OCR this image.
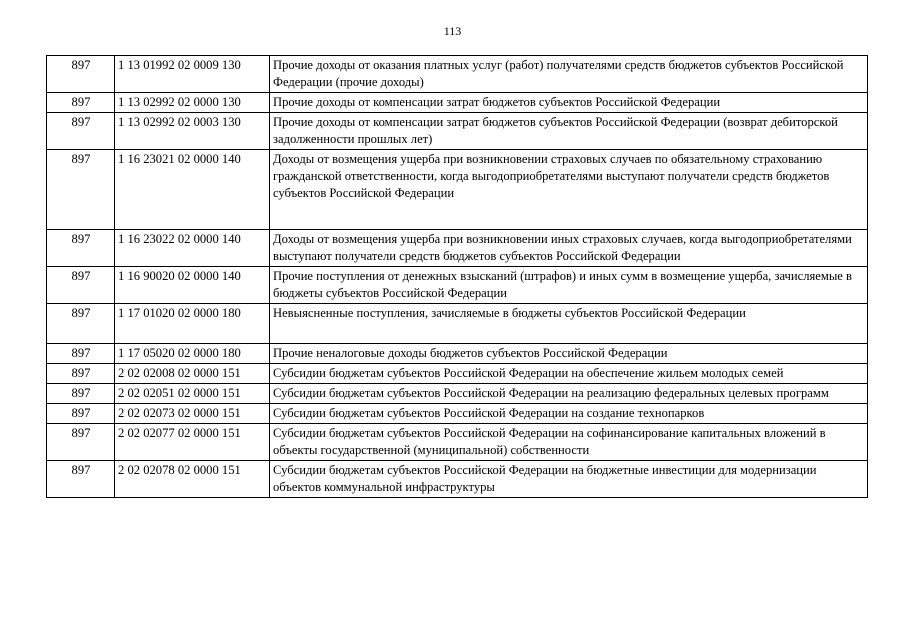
113
897	1 13 01992 02 0009 130	Прочие доходы от оказания платных услуг (работ) получателями средств бюджетов субъектов Российской Федерации (прочие доходы)
897	1 13 02992 02 0000 130	Прочие доходы от компенсации затрат бюджетов субъектов Российской Федерации
897	1 13 02992 02 0003 130	Прочие доходы от компенсации затрат бюджетов субъектов Российской Федерации (возврат дебиторской задолженности прошлых лет)
897	1 16 23021 02 0000 140	Доходы от возмещения ущерба при возникновении страховых случаев по обязательному страхованию гражданской ответственности, когда выгодоприобретателями выступают получатели средств бюджетов субъектов Российской Федерации
897	1 16 23022 02 0000 140	Доходы от возмещения ущерба при возникновении иных страховых случаев, когда выгодоприобретателями выступают получатели средств бюджетов субъектов Российской Федерации
897	1 16 90020 02 0000 140	Прочие поступления от денежных взысканий (штрафов) и иных сумм в возмещение ущерба, зачисляемые в бюджеты субъектов Российской Федерации
897	1 17 01020 02 0000 180	Невыясненные поступления, зачисляемые в бюджеты субъектов Российской Федерации
897	1 17 05020 02 0000 180	Прочие неналоговые доходы бюджетов субъектов Российской Федерации
897	2 02 02008 02 0000 151	Субсидии бюджетам субъектов Российской Федерации на обеспечение жильем молодых семей
897	2 02 02051 02 0000 151	Субсидии бюджетам субъектов Российской Федерации на реализацию федеральных целевых программ
897	2 02 02073 02 0000 151	Субсидии бюджетам субъектов Российской Федерации на создание технопарков
897	2 02 02077 02 0000 151	Субсидии бюджетам субъектов Российской Федерации на софинансирование капитальных вложений в объекты государственной (муниципальной) собственности
897	2 02 02078 02 0000 151	Субсидии бюджетам субъектов Российской Федерации на бюджетные инвестиции для модернизации объектов коммунальной инфраструктуры
